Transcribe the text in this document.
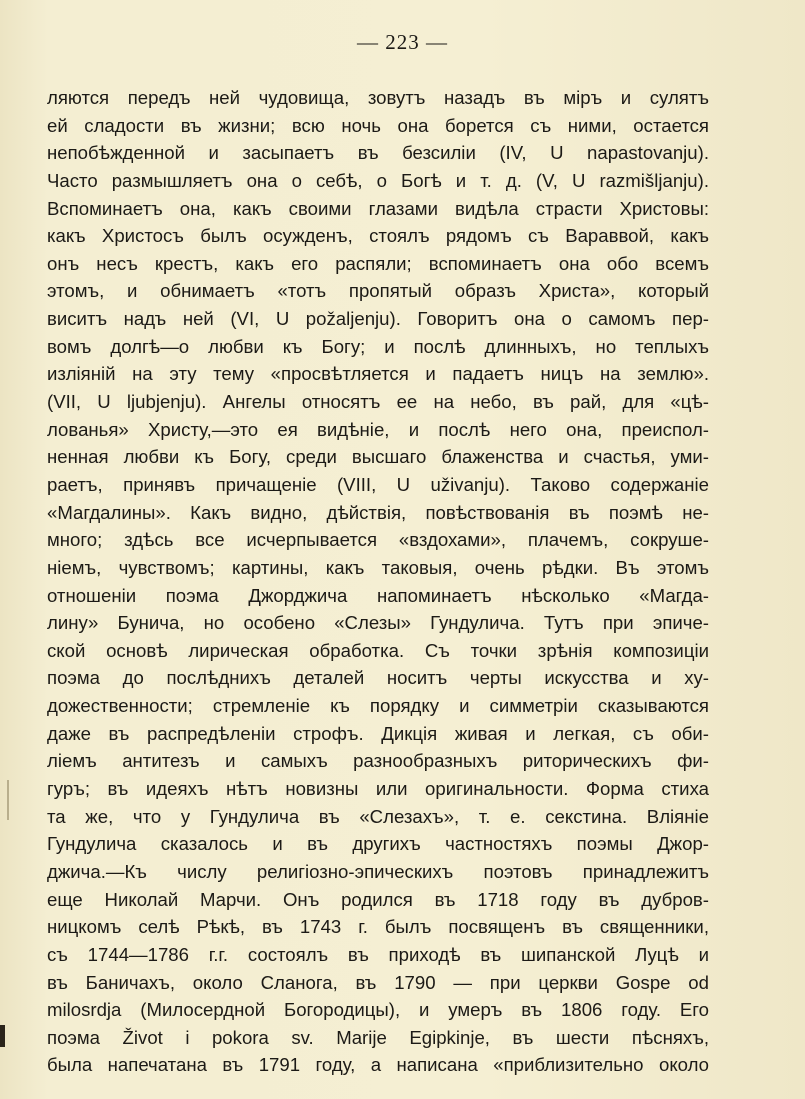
— 223 —
ляются передъ ней чудовища, зовутъ назадъ въ міръ и сулятъ
ей сладости въ жизни; всю ночь она борется съ ними, остается
непобѣжденной и засыпаетъ въ безсиліи (IV, U napastovanju).
Часто размышляетъ она о себѣ, о Богѣ и т. д. (V, U razmišljanju).
Вспоминаетъ она, какъ своими глазами видѣла страсти Христовы:
какъ Христосъ былъ осужденъ, стоялъ рядомъ съ Вараввой, какъ
онъ несъ крестъ, какъ его распяли; вспоминаетъ она обо всемъ
этомъ, и обнимаетъ «тотъ пропятый образъ Христа», который
виситъ надъ ней (VI, U požaljenju). Говоритъ она о самомъ пер-
вомъ долгѣ—о любви къ Богу; и послѣ длинныхъ, но теплыхъ
изліяній на эту тему «просвѣтляется и падаетъ ницъ на землю».
(VII, U ljubjenju). Ангелы относятъ ее на небо, въ рай, для «цѣ-
лованья» Христу,—это ея видѣніе, и послѣ него она, преиспол-
ненная любви къ Богу, среди высшаго блаженства и счастья, уми-
раетъ, принявъ причащеніе (VIII, U uživanju). Таково содержаніе
«Магдалины». Какъ видно, дѣйствія, повѣствованія въ поэмѣ не-
много; здѣсь все исчерпывается «вздохами», плачемъ, сокруше-
ніемъ, чувствомъ; картины, какъ таковыя, очень рѣдки. Въ этомъ
отношеніи поэма Джорджича напоминаетъ нѣсколько «Магда-
лину» Бунича, но особено «Слезы» Гундулича. Тутъ при эпиче-
ской основѣ лирическая обработка. Съ точки зрѣнія композиціи
поэма до послѣднихъ деталей носитъ черты искусства и ху-
дожественности; стремленіе къ порядку и симметріи сказываются
даже въ распредѣленіи строфъ. Дикція живая и легкая, съ оби-
ліемъ антитезъ и самыхъ разнообразныхъ риторическихъ фи-
гуръ; въ идеяхъ нѣтъ новизны или оригинальности. Форма стиха
та же, что у Гундулича въ «Слезахъ», т. е. секстина. Вліяніе
Гундулича сказалось и въ другихъ частностяхъ поэмы Джор-
джича.—Къ числу религіозно-эпическихъ поэтовъ принадлежитъ
еще Николай Марчи. Онъ родился въ 1718 году въ дубров-
ницкомъ селѣ Рѣкѣ, въ 1743 г. былъ посвященъ въ священники,
съ 1744—1786 г.г. состоялъ въ приходѣ въ шипанской Луцѣ и
въ Баничахъ, около Сланога, въ 1790 — при церкви Gospe od
milosrdja (Милосердной Богородицы), и умеръ въ 1806 году. Его
поэма Život i pokora sv. Marije Egipkinje, въ шести пѣсняхъ,
была напечатана въ 1791 году, а написана «приблизительно около
